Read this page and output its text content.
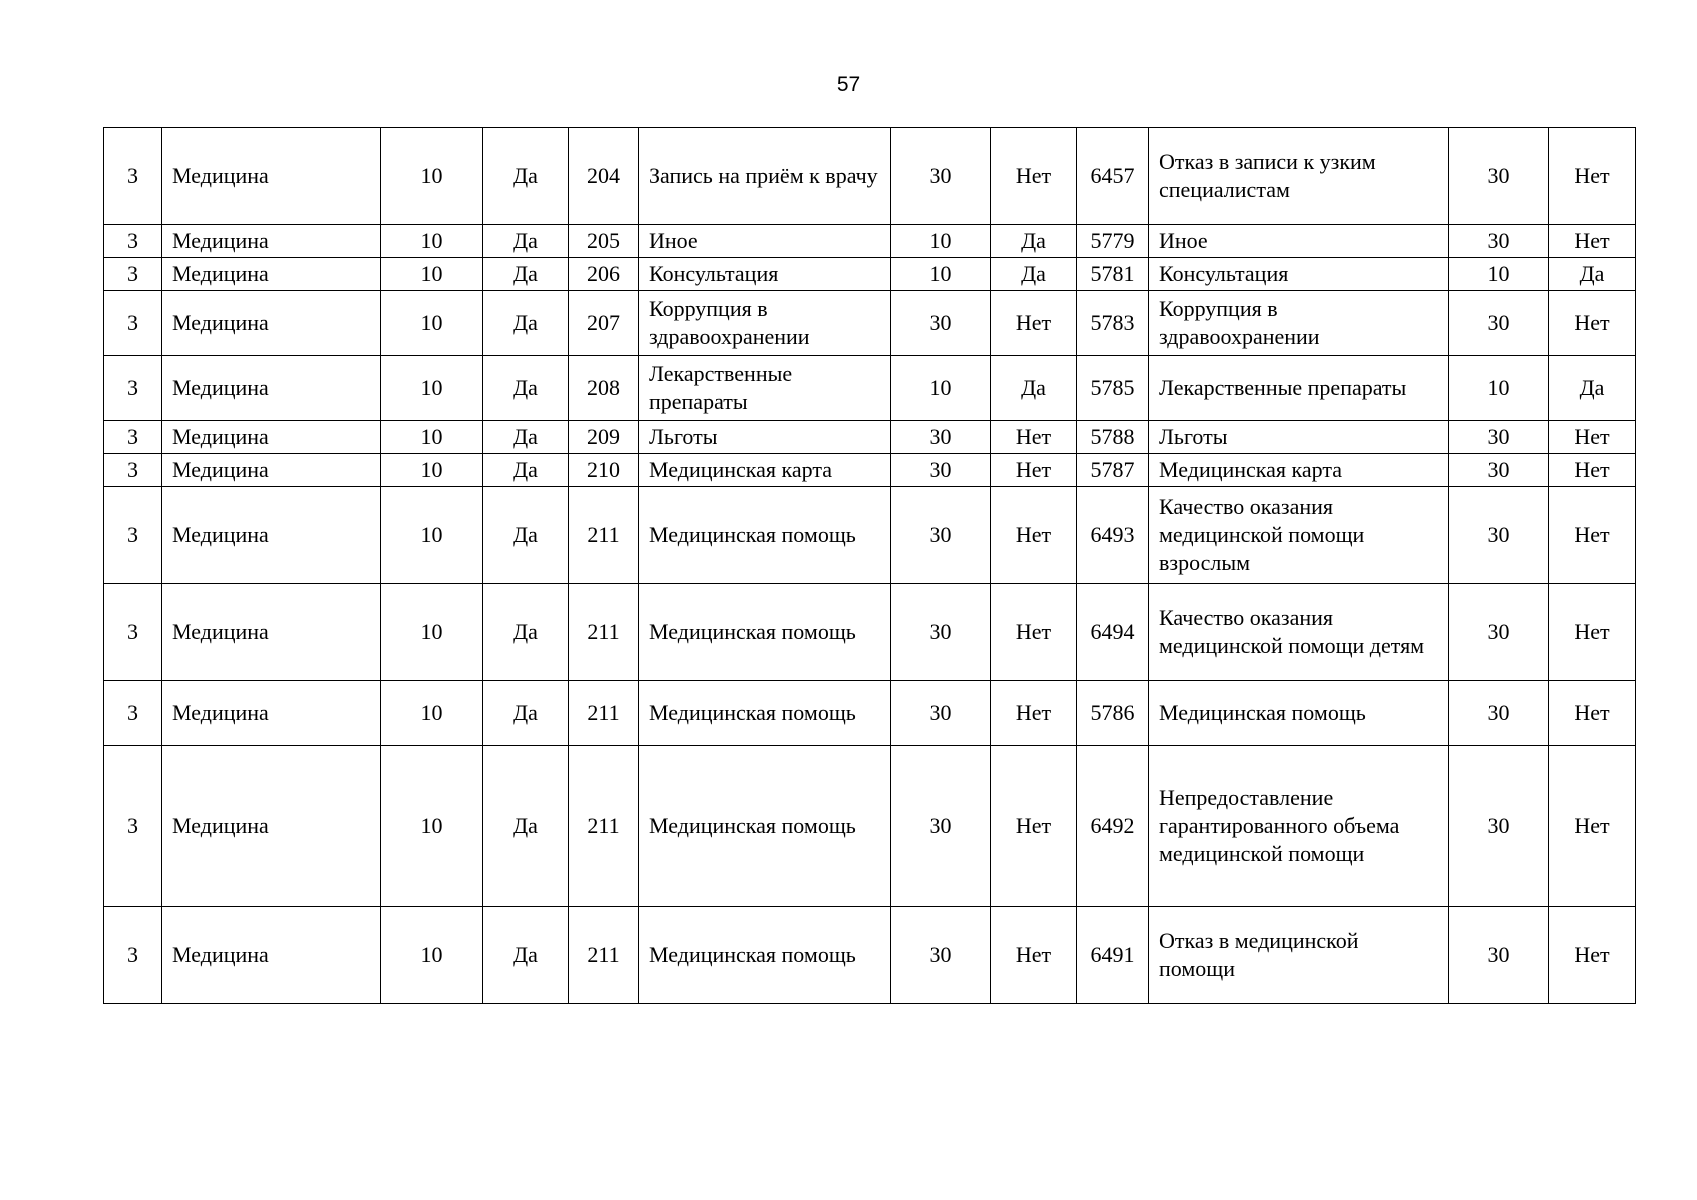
57
3	Медицина	10	Да	204	Запись на приём к врачу	30	Нет	6457	Отказ в записи к узким специалистам	30	Нет
3	Медицина	10	Да	205	Иное	10	Да	5779	Иное	30	Нет
3	Медицина	10	Да	206	Консультация	10	Да	5781	Консультация	10	Да
3	Медицина	10	Да	207	Коррупция в здравоохранении	30	Нет	5783	Коррупция в здравоохранении	30	Нет
3	Медицина	10	Да	208	Лекарственные препараты	10	Да	5785	Лекарственные препараты	10	Да
3	Медицина	10	Да	209	Льготы	30	Нет	5788	Льготы	30	Нет
3	Медицина	10	Да	210	Медицинская карта	30	Нет	5787	Медицинская карта	30	Нет
3	Медицина	10	Да	211	Медицинская помощь	30	Нет	6493	Качество оказания медицинской помощи взрослым	30	Нет
3	Медицина	10	Да	211	Медицинская помощь	30	Нет	6494	Качество оказания медицинской помощи детям	30	Нет
3	Медицина	10	Да	211	Медицинская помощь	30	Нет	5786	Медицинская помощь	30	Нет
3	Медицина	10	Да	211	Медицинская помощь	30	Нет	6492	Непредоставление гарантированного объема медицинской помощи	30	Нет
3	Медицина	10	Да	211	Медицинская помощь	30	Нет	6491	Отказ в медицинской помощи	30	Нет
